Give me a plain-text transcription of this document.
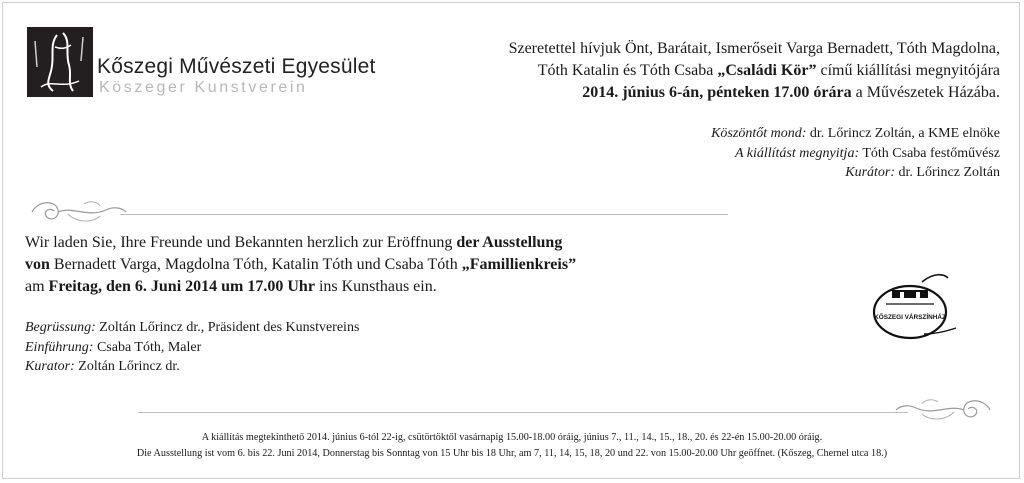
Kőszegi Művészeti Egyesület
Köszeger Kunstverein
Szeretettel hívjuk Önt, Barátait, Ismerőseit Varga Bernadett, Tóth Magdolna,
Tóth Katalin és Tóth Csaba „Családi Kör” című kiállítási megnyitójára
2014. június 6-án, pénteken 17.00 órára a Művészetek Házába.
Köszöntőt mond: dr. Lőrincz Zoltán, a KME elnöke
A kiállítást megnyitja: Tóth Csaba festőművész
Kurátor: dr. Lőrincz Zoltán
Wir laden Sie, Ihre Freunde und Bekannten herzlich zur Eröffnung der Ausstellung
von Bernadett Varga, Magdolna Tóth, Katalin Tóth und Csaba Tóth „Famillienkreis”
am Freitag, den 6. Juni 2014 um 17.00 Uhr ins Kunsthaus ein.
Begrüssung: Zoltán Lőrincz dr., Präsident des Kunstvereins
Einführung: Csaba Tóth, Maler
Kurator: Zoltán Lőrincz dr.
KŐSZEGI VÁRSZÍNHÁZ
A kiállítás megtekinthető 2014. június 6-tól 22-ig, csütörtöktől vasárnapig 15.00-18.00 óráig, június 7., 11., 14., 15., 18., 20. és 22-én 15.00-20.00 óráig.
Die Ausstellung ist vom 6. bis 22. Juni 2014, Donnerstag bis Sonntag von 15 Uhr bis 18 Uhr, am 7, 11, 14, 15, 18, 20 und 22. von 15.00-20.00 Uhr geöffnet. (Kőszeg, Chernel utca 18.)
